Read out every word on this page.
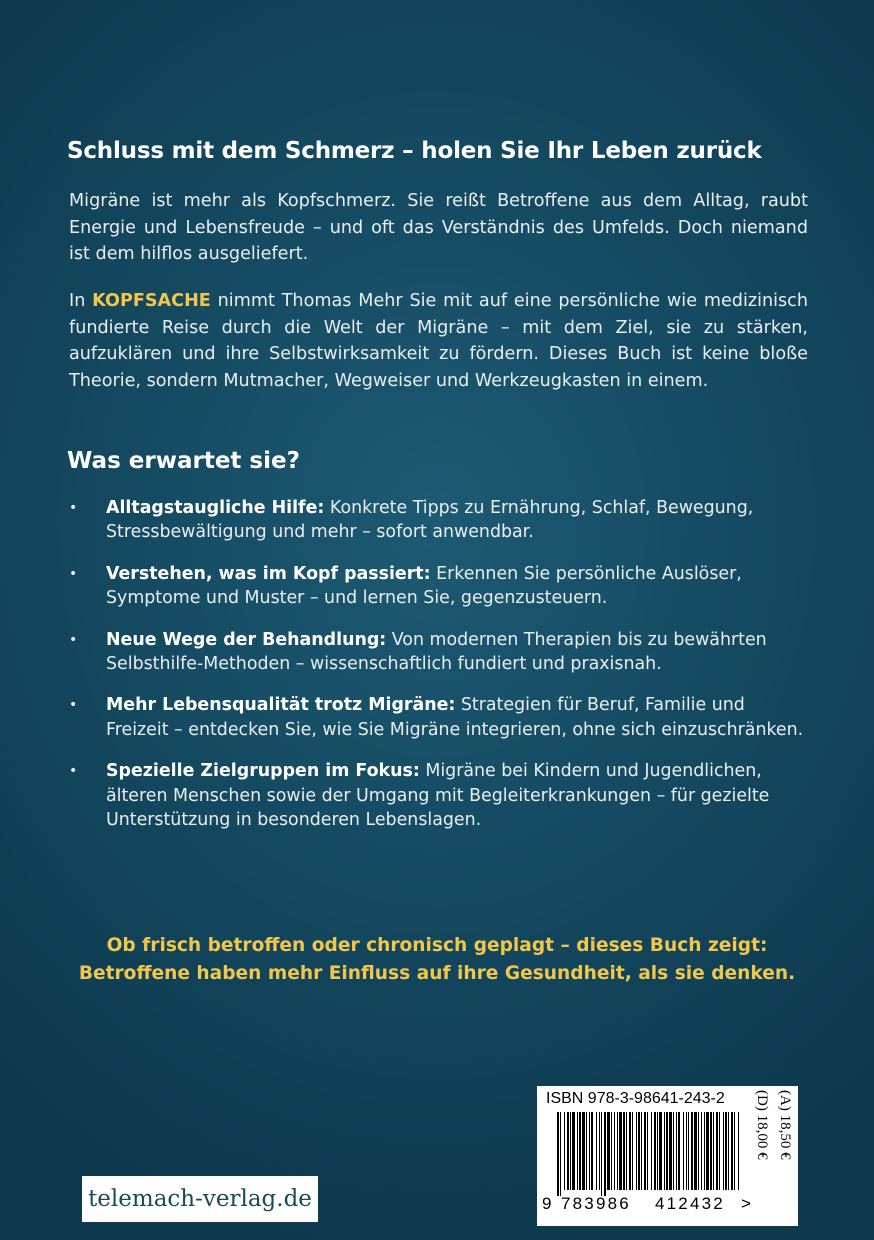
Schluss mit dem Schmerz – holen Sie Ihr Leben zurück

Migräne ist mehr als Kopfschmerz. Sie reißt Betroffene aus dem Alltag, raubt Energie und Lebensfreude – und oft das Verständnis des Umfelds. Doch niemand ist dem hilflos ausgeliefert.

In KOPFSACHE nimmt Thomas Mehr Sie mit auf eine persönliche wie medizinisch fundierte Reise durch die Welt der Migräne – mit dem Ziel, sie zu stärken, aufzuklären und ihre Selbstwirksamkeit zu fördern. Dieses Buch ist keine bloße Theorie, sondern Mutmacher, Wegweiser und Werkzeugkasten in einem.

Was erwartet sie?
• Alltagstaugliche Hilfe: Konkrete Tipps zu Ernährung, Schlaf, Bewegung, Stressbewältigung und mehr – sofort anwendbar.
• Verstehen, was im Kopf passiert: Erkennen Sie persönliche Auslöser, Symptome und Muster – und lernen Sie, gegenzusteuern.
• Neue Wege der Behandlung: Von modernen Therapien bis zu bewährten Selbsthilfe-Methoden – wissenschaftlich fundiert und praxisnah.
• Mehr Lebensqualität trotz Migräne: Strategien für Beruf, Familie und Freizeit – entdecken Sie, wie Sie Migräne integrieren, ohne sich einzuschränken.
• Spezielle Zielgruppen im Fokus: Migräne bei Kindern und Jugendlichen, älteren Menschen sowie der Umgang mit Begleiterkrankungen – für gezielte Unterstützung in besonderen Lebenslagen.

Ob frisch betroffen oder chronisch geplagt – dieses Buch zeigt:
Betroffene haben mehr Einfluss auf ihre Gesundheit, als sie denken.

telemach-verlag.de
ISBN 978-3-98641-243-2
9 783986 412432 >
(D) 18,00 € (A) 18,50 €
